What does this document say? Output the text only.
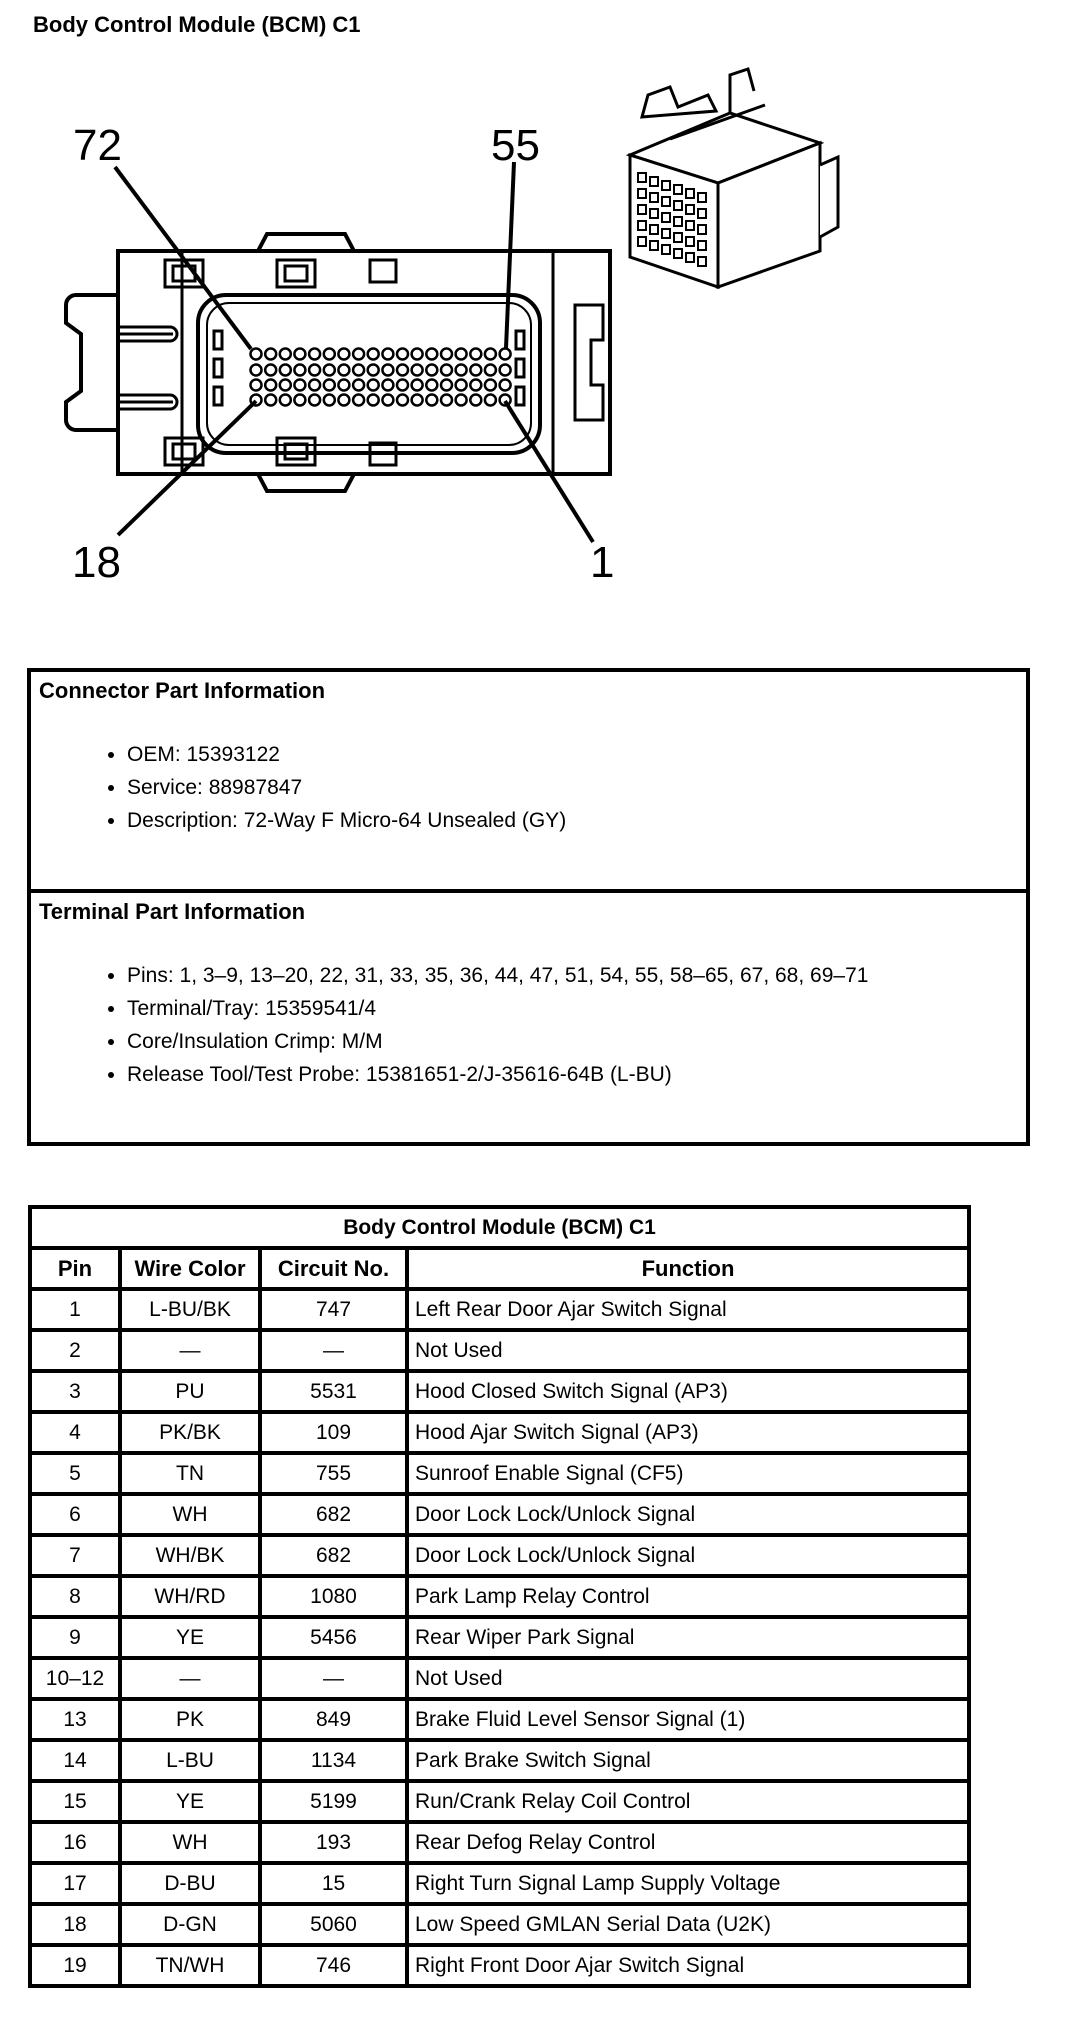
Body Control Module (BCM) C1
72	55
18	1
Connector Part Information
• OEM: 15393122
• Service: 88987847
• Description: 72-Way F Micro-64 Unsealed (GY)
Terminal Part Information
• Pins: 1, 3–9, 13–20, 22, 31, 33, 35, 36, 44, 47, 51, 54, 55, 58–65, 67, 68, 69–71
• Terminal/Tray: 15359541/4
• Core/Insulation Crimp: M/M
• Release Tool/Test Probe: 15381651-2/J-35616-64B (L-BU)
Body Control Module (BCM) C1			
Pin	Wire Color	Circuit No.	Function
1	L-BU/BK	747	Left Rear Door Ajar Switch Signal
2	—	—	Not Used
3	PU	5531	Hood Closed Switch Signal (AP3)
4	PK/BK	109	Hood Ajar Switch Signal (AP3)
5	TN	755	Sunroof Enable Signal (CF5)
6	WH	682	Door Lock Lock/Unlock Signal
7	WH/BK	682	Door Lock Lock/Unlock Signal
8	WH/RD	1080	Park Lamp Relay Control
9	YE	5456	Rear Wiper Park Signal
10–12	—	—	Not Used
13	PK	849	Brake Fluid Level Sensor Signal (1)
14	L-BU	1134	Park Brake Switch Signal
15	YE	5199	Run/Crank Relay Coil Control
16	WH	193	Rear Defog Relay Control
17	D-BU	15	Right Turn Signal Lamp Supply Voltage
18	D-GN	5060	Low Speed GMLAN Serial Data (U2K)
19	TN/WH	746	Right Front Door Ajar Switch Signal
